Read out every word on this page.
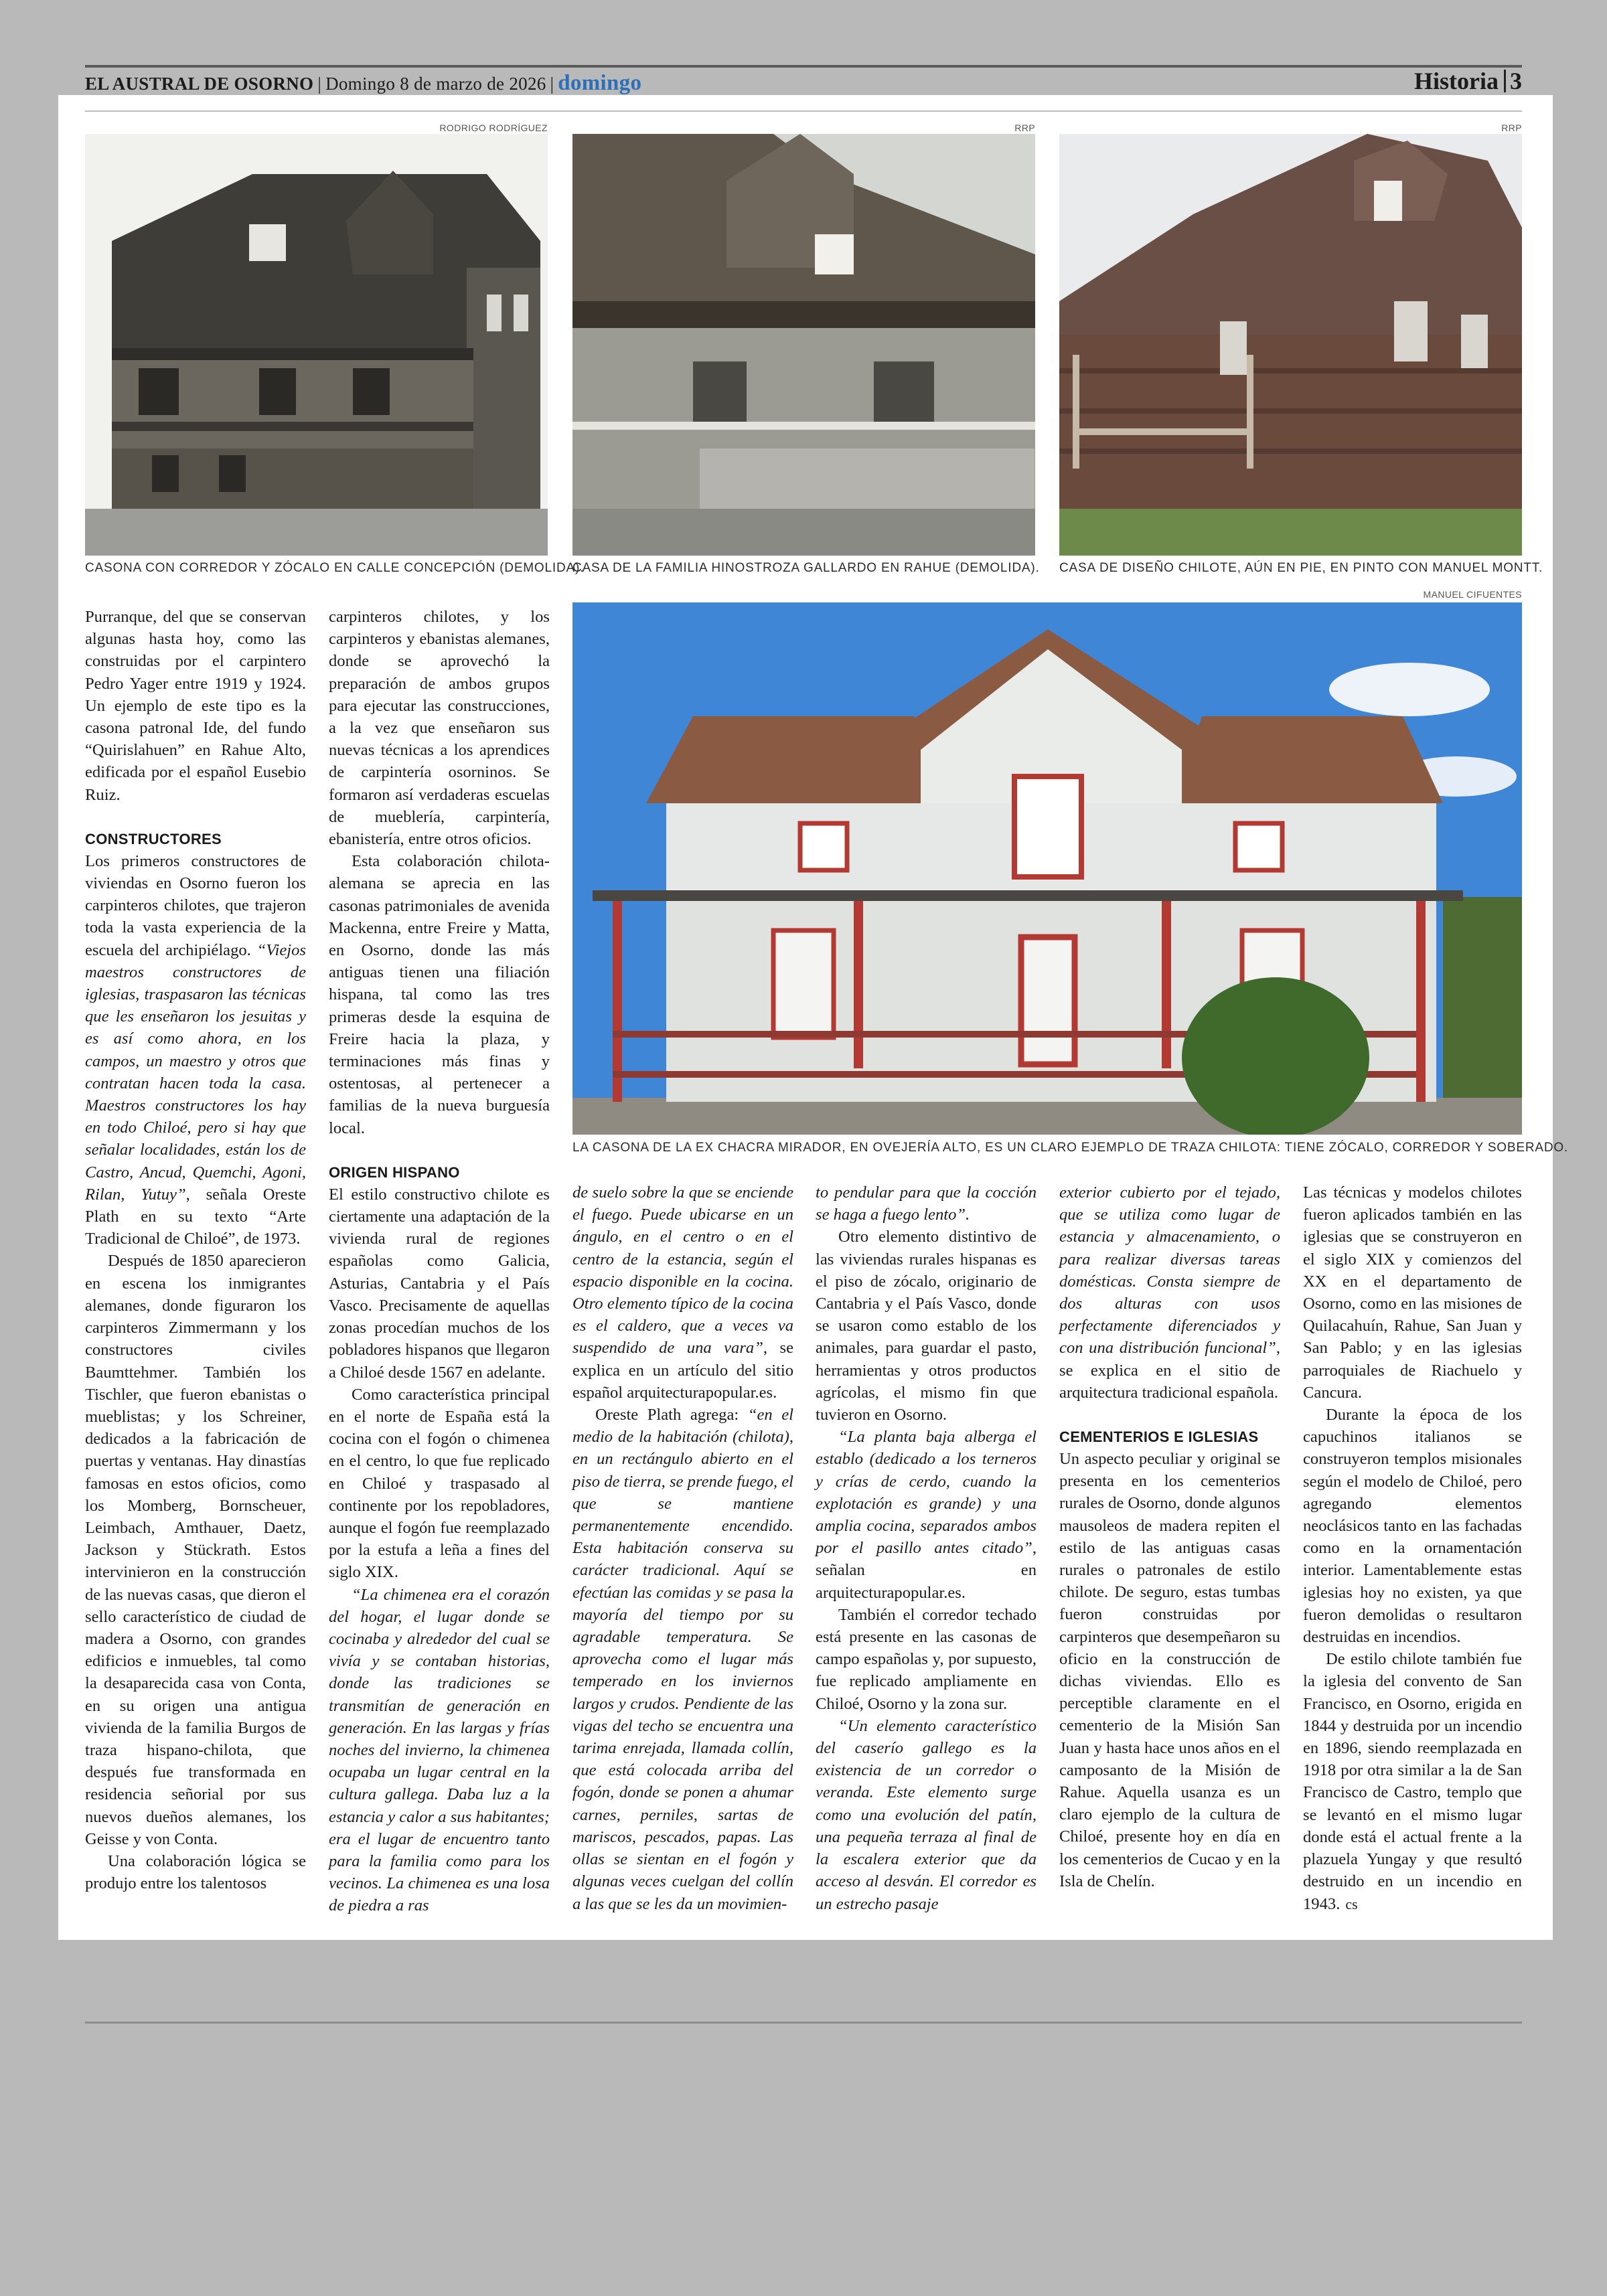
EL AUSTRAL DE OSORNO | Domingo 8 de marzo de 2026 | domingo	Historia 3
RODRIGO RODRÍGUEZ
CASONA CON CORREDOR Y ZÓCALO EN CALLE CONCEPCIÓN (DEMOLIDA).
RRP
CASA DE LA FAMILIA HINOSTROZA GALLARDO EN RAHUE (DEMOLIDA).
RRP
CASA DE DISEÑO CHILOTE, AÚN EN PIE, EN PINTO CON MANUEL MONTT.
MANUEL CIFUENTES
LA CASONA DE LA EX CHACRA MIRADOR, EN OVEJERÍA ALTO, ES UN CLARO EJEMPLO DE TRAZA CHILOTA: TIENE ZÓCALO, CORREDOR Y SOBERADO.

Purranque, del que se conservan algunas hasta hoy, como las construidas por el carpintero Pedro Yager entre 1919 y 1924. Un ejemplo de este tipo es la casona patronal Ide, del fundo “Quirislahuen” en Rahue Alto, edificada por el español Eusebio Ruiz.

CONSTRUCTORES

Los primeros constructores de viviendas en Osorno fueron los carpinteros chilotes, que trajeron toda la vasta experiencia de la escuela del archipiélago. “Viejos maestros constructores de iglesias, traspasaron las técnicas que les enseñaron los jesuitas y es así como ahora, en los campos, un maestro y otros que contratan hacen toda la casa. Maestros constructores los hay en todo Chiloé, pero si hay que señalar localidades, están los de Castro, Ancud, Quemchi, Agoni, Rilan, Yutuy”, señala Oreste Plath en su texto “Arte Tradicional de Chiloé”, de 1973.

Después de 1850 aparecieron en escena los inmigrantes alemanes, donde figuraron los carpinteros Zimmermann y los constructores civiles Baumttehmer. También los Tischler, que fueron ebanistas o mueblistas; y los Schreiner, dedicados a la fabricación de puertas y ventanas. Hay dinastías famosas en estos oficios, como los Momberg, Bornscheuer, Leimbach, Amthauer, Daetz, Jackson y Stückrath. Estos intervinieron en la construcción de las nuevas casas, que dieron el sello característico de ciudad de madera a Osorno, con grandes edificios e inmuebles, tal como la desaparecida casa von Conta, en su origen una antigua vivienda de la familia Burgos de traza hispano-chilota, que después fue transformada en residencia señorial por sus nuevos dueños alemanes, los Geisse y von Conta.

Una colaboración lógica se produjo entre los talentosos

carpinteros chilotes, y los carpinteros y ebanistas alemanes, donde se aprovechó la preparación de ambos grupos para ejecutar las construcciones, a la vez que enseñaron sus nuevas técnicas a los aprendices de carpintería osorninos. Se formaron así verdaderas escuelas de mueblería, carpintería, ebanistería, entre otros oficios.

Esta colaboración chilota-alemana se aprecia en las casonas patrimoniales de avenida Mackenna, entre Freire y Matta, en Osorno, donde las más antiguas tienen una filiación hispana, tal como las tres primeras desde la esquina de Freire hacia la plaza, y terminaciones más finas y ostentosas, al pertenecer a familias de la nueva burguesía local.

ORIGEN HISPANO

El estilo constructivo chilote es ciertamente una adaptación de la vivienda rural de regiones españolas como Galicia, Asturias, Cantabria y el País Vasco. Precisamente de aquellas zonas procedían muchos de los pobladores hispanos que llegaron a Chiloé desde 1567 en adelante.

Como característica principal en el norte de España está la cocina con el fogón o chimenea en el centro, lo que fue replicado en Chiloé y traspasado al continente por los repobladores, aunque el fogón fue reemplazado por la estufa a leña a fines del siglo XIX.

“La chimenea era el corazón del hogar, el lugar donde se cocinaba y alrededor del cual se vivía y se contaban historias, donde las tradiciones se transmitían de generación en generación. En las largas y frías noches del invierno, la chimenea ocupaba un lugar central en la cultura gallega. Daba luz a la estancia y calor a sus habitantes; era el lugar de encuentro tanto para la familia como para los vecinos. La chimenea es una losa de piedra a ras

de suelo sobre la que se enciende el fuego. Puede ubicarse en un ángulo, en el centro o en el centro de la estancia, según el espacio disponible en la cocina. Otro elemento típico de la cocina es el caldero, que a veces va suspendido de una vara”, se explica en un artículo del sitio español arquitecturapopular.es.

Oreste Plath agrega: “en el medio de la habitación (chilota), en un rectángulo abierto en el piso de tierra, se prende fuego, el que se mantiene permanentemente encendido. Esta habitación conserva su carácter tradicional. Aquí se efectúan las comidas y se pasa la mayoría del tiempo por su agradable temperatura. Se aprovecha como el lugar más temperado en los inviernos largos y crudos. Pendiente de las vigas del techo se encuentra una tarima enrejada, llamada collín, que está colocada arriba del fogón, donde se ponen a ahumar carnes, perniles, sartas de mariscos, pescados, papas. Las ollas se sientan en el fogón y algunas veces cuelgan del collín a las que se les da un movimien-

to pendular para que la cocción se haga a fuego lento”.

Otro elemento distintivo de las viviendas rurales hispanas es el piso de zócalo, originario de Cantabria y el País Vasco, donde se usaron como establo de los animales, para guardar el pasto, herramientas y otros productos agrícolas, el mismo fin que tuvieron en Osorno.

“La planta baja alberga el establo (dedicado a los terneros y crías de cerdo, cuando la explotación es grande) y una amplia cocina, separados ambos por el pasillo antes citado”, señalan en arquitecturapopular.es.

También el corredor techado está presente en las casonas de campo españolas y, por supuesto, fue replicado ampliamente en Chiloé, Osorno y la zona sur.

“Un elemento característico del caserío gallego es la existencia de un corredor o veranda. Este elemento surge como una evolución del patín, una pequeña terraza al final de la escalera exterior que da acceso al desván. El corredor es un estrecho pasaje

exterior cubierto por el tejado, que se utiliza como lugar de estancia y almacenamiento, o para realizar diversas tareas domésticas. Consta siempre de dos alturas con usos perfectamente diferenciados y con una distribución funcional”, se explica en el sitio de arquitectura tradicional española.

CEMENTERIOS E IGLESIAS

Un aspecto peculiar y original se presenta en los cementerios rurales de Osorno, donde algunos mausoleos de madera repiten el estilo de las antiguas casas rurales o patronales de estilo chilote. De seguro, estas tumbas fueron construidas por carpinteros que desempeñaron su oficio en la construcción de dichas viviendas. Ello es perceptible claramente en el cementerio de la Misión San Juan y hasta hace unos años en el camposanto de la Misión de Rahue. Aquella usanza es un claro ejemplo de la cultura de Chiloé, presente hoy en día en los cementerios de Cucao y en la Isla de Chelín.

Las técnicas y modelos chilotes fueron aplicados también en las iglesias que se construyeron en el siglo XIX y comienzos del XX en el departamento de Osorno, como en las misiones de Quilacahuín, Rahue, San Juan y San Pablo; y en las iglesias parroquiales de Riachuelo y Cancura.

Durante la época de los capuchinos italianos se construyeron templos misionales según el modelo de Chiloé, pero agregando elementos neoclásicos tanto en las fachadas como en la ornamentación interior. Lamentablemente estas iglesias hoy no existen, ya que fueron demolidas o resultaron destruidas en incendios.

De estilo chilote también fue la iglesia del convento de San Francisco, en Osorno, erigida en 1844 y destruida por un incendio en 1896, siendo reemplazada en 1918 por otra similar a la de San Francisco de Castro, templo que se levantó en el mismo lugar donde está el actual frente a la plazuela Yungay y que resultó destruido en un incendio en 1943. cs
